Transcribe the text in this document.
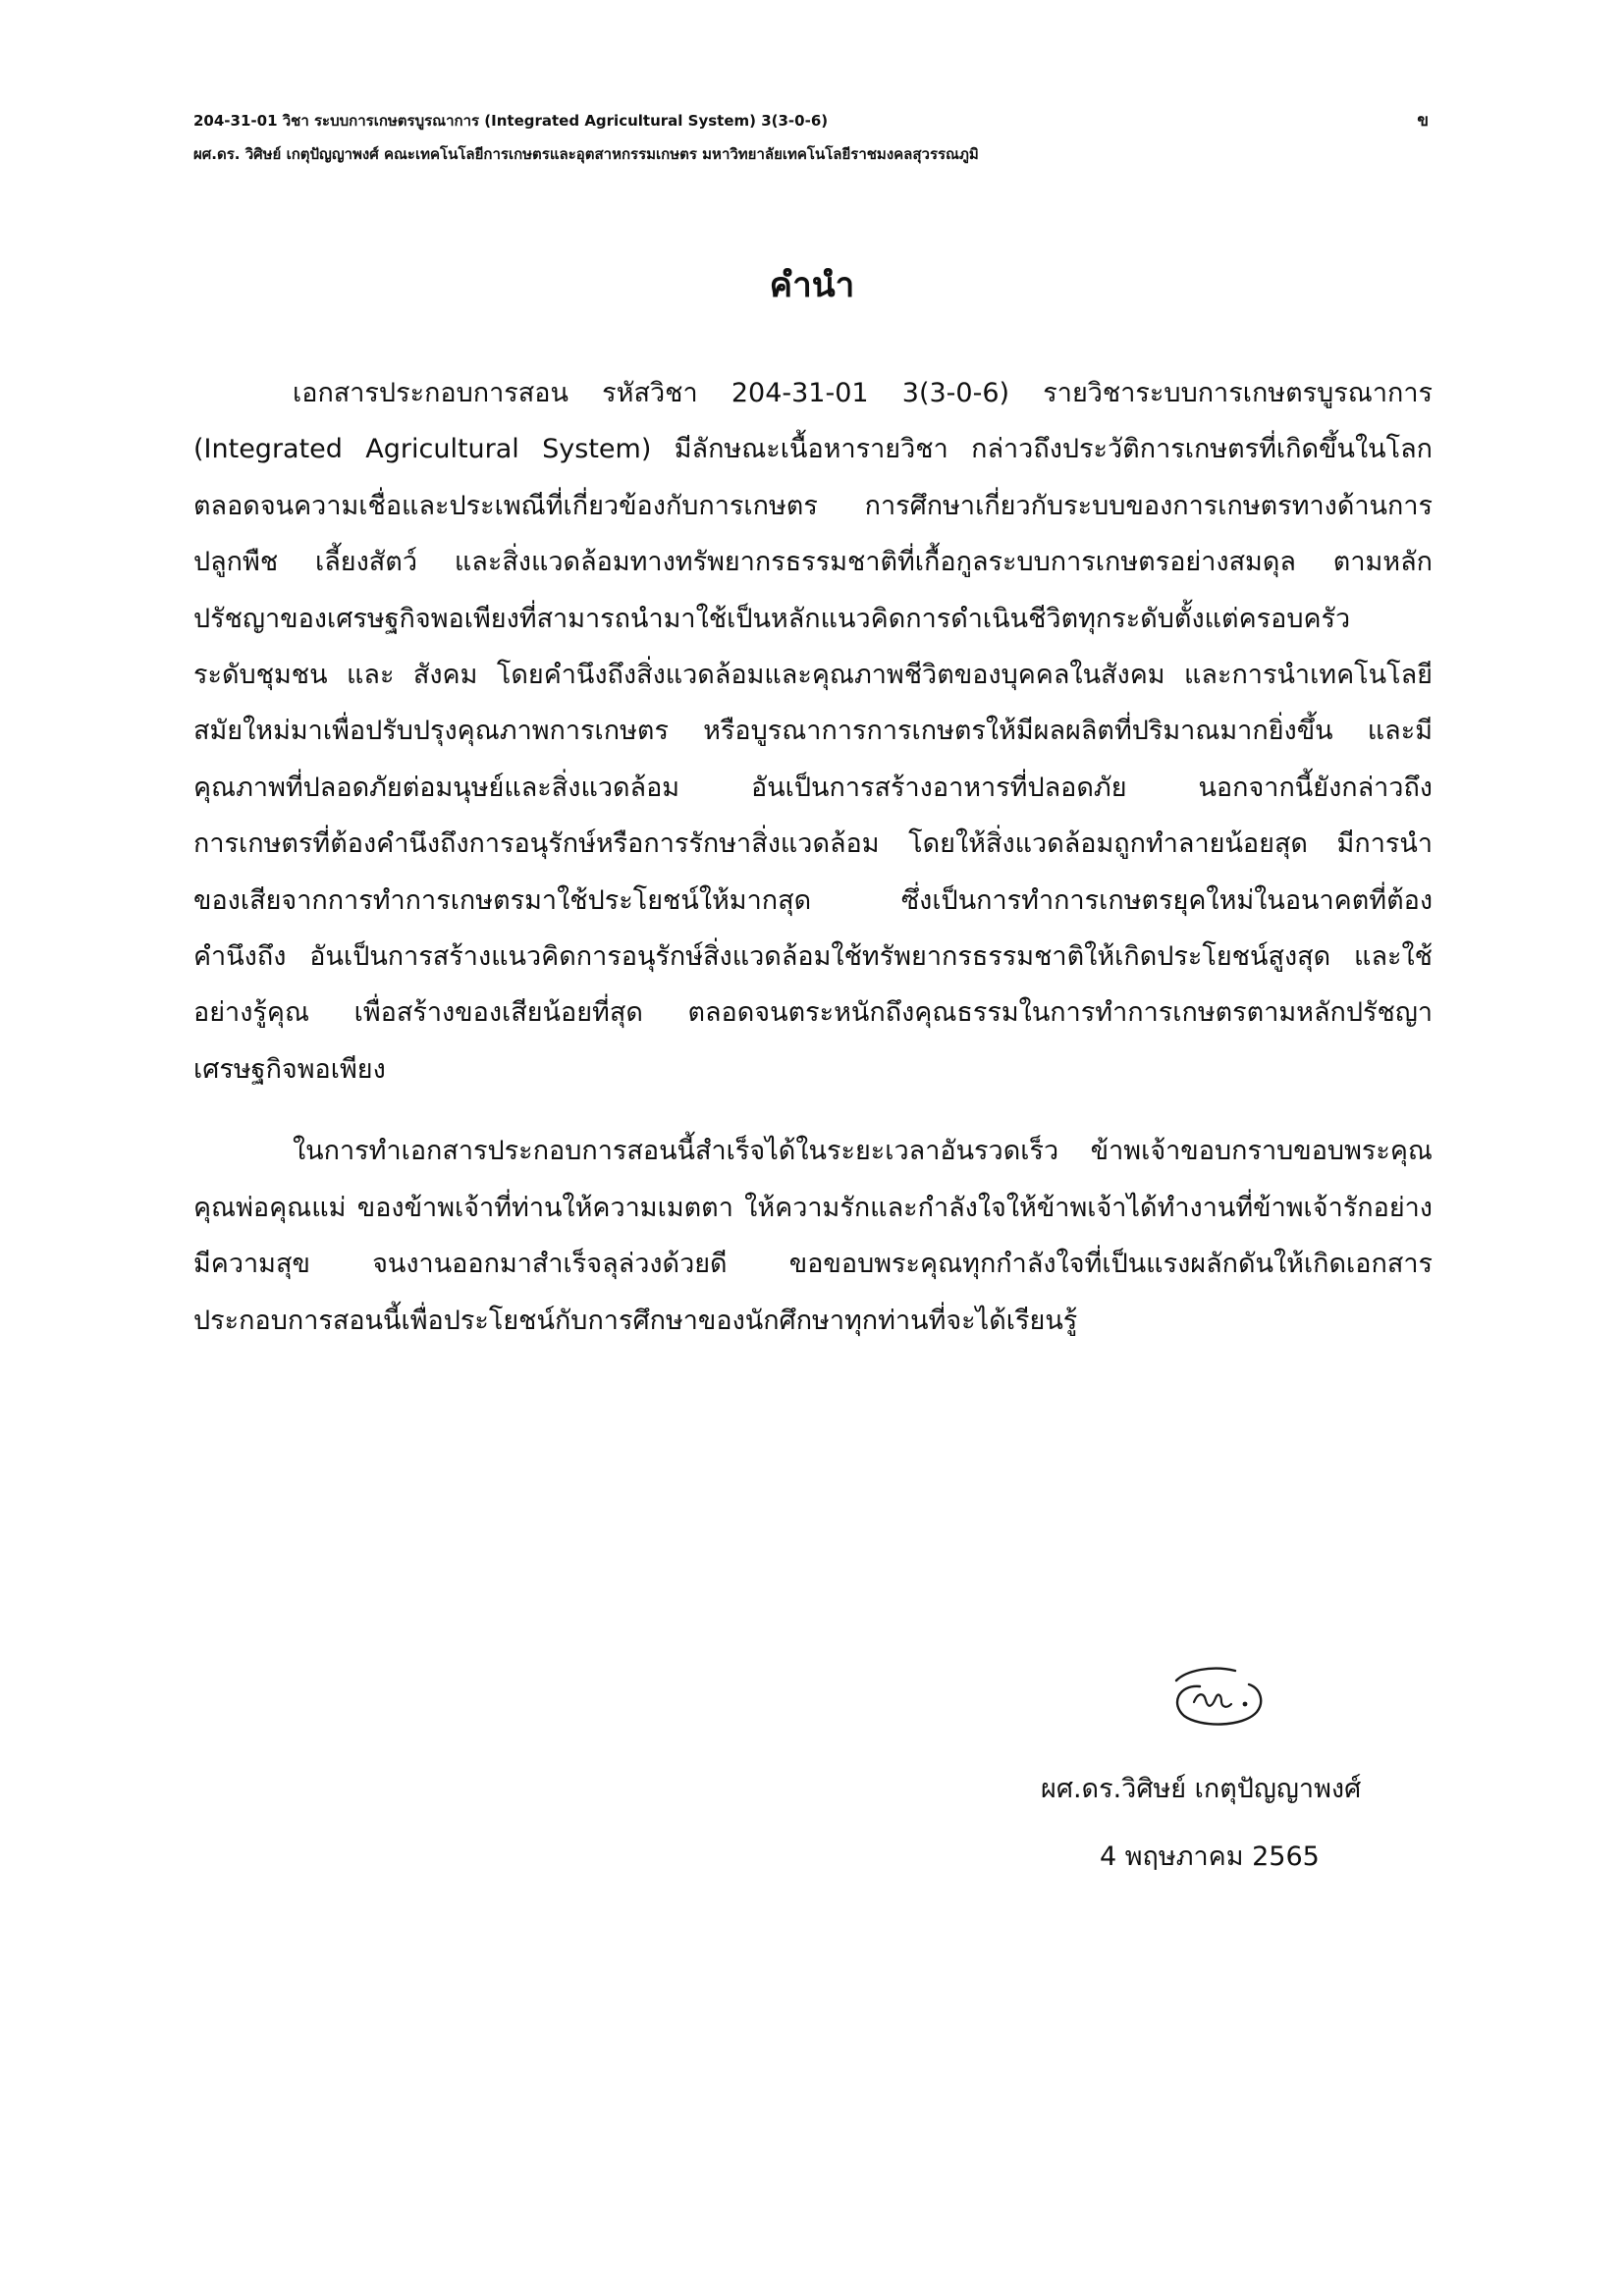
204-31-01 วิชา ระบบการเกษตรบูรณาการ (Integrated Agricultural System) 3(3-0-6)	ข
ผศ.ดร. วิศิษย์ เกตุปัญญาพงศ์ คณะเทคโนโลยีการเกษตรและอุตสาหกรรมเกษตร มหาวิทยาลัยเทคโนโลยีราชมงคลสุวรรณภูมิ
คำนำ

เอกสารประกอบการสอน รหัสวิชา 204-31-01 3(3-0-6) รายวิชาระบบการเกษตรบูรณาการ
(Integrated Agricultural System) มีลักษณะเนื้อหารายวิชา กล่าวถึงประวัติการเกษตรที่เกิดขึ้นในโลก
ตลอดจนความเชื่อและประเพณีที่เกี่ยวข้องกับการเกษตร การศึกษาเกี่ยวกับระบบของการเกษตรทางด้านการ
ปลูกพืช เลี้ยงสัตว์ และสิ่งแวดล้อมทางทรัพยากรธรรมชาติที่เกื้อกูลระบบการเกษตรอย่างสมดุล ตามหลัก
ปรัชญาของเศรษฐกิจพอเพียงที่สามารถนำมาใช้เป็นหลักแนวคิดการดำเนินชีวิตทุกระดับตั้งแต่ครอบครัว
ระดับชุมชน และ สังคม โดยคำนึงถึงสิ่งแวดล้อมและคุณภาพชีวิตของบุคคลในสังคม และการนำเทคโนโลยี
สมัยใหม่มาเพื่อปรับปรุงคุณภาพการเกษตร หรือบูรณาการการเกษตรให้มีผลผลิตที่ปริมาณมากยิ่งขึ้น และมี
คุณภาพที่ปลอดภัยต่อมนุษย์และสิ่งแวดล้อม อันเป็นการสร้างอาหารที่ปลอดภัย นอกจากนี้ยังกล่าวถึง
การเกษตรที่ต้องคำนึงถึงการอนุรักษ์หรือการรักษาสิ่งแวดล้อม โดยให้สิ่งแวดล้อมถูกทำลายน้อยสุด มีการนำ
ของเสียจากการทำการเกษตรมาใช้ประโยชน์ให้มากสุด ซึ่งเป็นการทำการเกษตรยุคใหม่ในอนาคตที่ต้อง
คำนึงถึง อันเป็นการสร้างแนวคิดการอนุรักษ์สิ่งแวดล้อมใช้ทรัพยากรธรรมชาติให้เกิดประโยชน์สูงสุด และใช้
อย่างรู้คุณ เพื่อสร้างของเสียน้อยที่สุด ตลอดจนตระหนักถึงคุณธรรมในการทำการเกษตรตามหลักปรัชญา
เศรษฐกิจพอเพียง

ในการทำเอกสารประกอบการสอนนี้สำเร็จได้ในระยะเวลาอันรวดเร็ว ข้าพเจ้าขอบกราบขอบพระคุณ
คุณพ่อคุณแม่ ของข้าพเจ้าที่ท่านให้ความเมตตา ให้ความรักและกำลังใจให้ข้าพเจ้าได้ทำงานที่ข้าพเจ้ารักอย่าง
มีความสุข จนงานออกมาสำเร็จลุล่วงด้วยดี ขอขอบพระคุณทุกกำลังใจที่เป็นแรงผลักดันให้เกิดเอกสาร
ประกอบการสอนนี้เพื่อประโยชน์กับการศึกษาของนักศึกษาทุกท่านที่จะได้เรียนรู้

ผศ.ดร.วิศิษย์ เกตุปัญญาพงศ์
4 พฤษภาคม 2565
